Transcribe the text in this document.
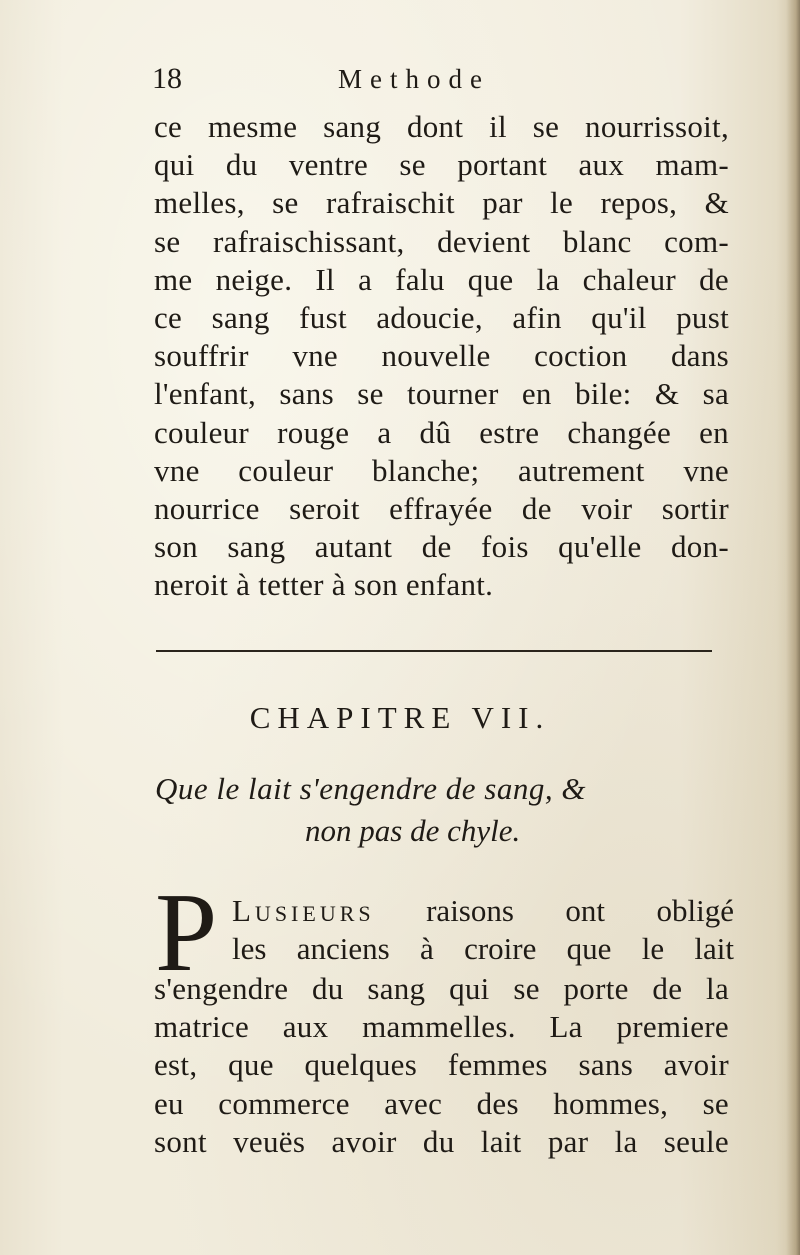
18	Methode
ce mesme sang dont il se nourrissoit,
qui du ventre se portant aux mam-
melles, se rafraischit par le repos, &
se rafraischissant, devient blanc com-
me neige. Il a falu que la chaleur de
ce sang fust adoucie, afin qu'il pust
souffrir vne nouvelle coction dans
l'enfant, sans se tourner en bile: & sa
couleur rouge a dû estre changée en
vne couleur blanche; autrement vne
nourrice seroit effrayée de voir sortir
son sang autant de fois qu'elle don-
neroit à tetter à son enfant.
CHAPITRE VII.
Que le lait s'engendre de sang, &
non pas de chyle.
P Lusieurs raisons ont obligé
les anciens à croire que le lait
s'engendre du sang qui se porte de la
matrice aux mammelles. La premiere
est, que quelques femmes sans avoir
eu commerce avec des hommes, se
sont veuës avoir du lait par la seule
